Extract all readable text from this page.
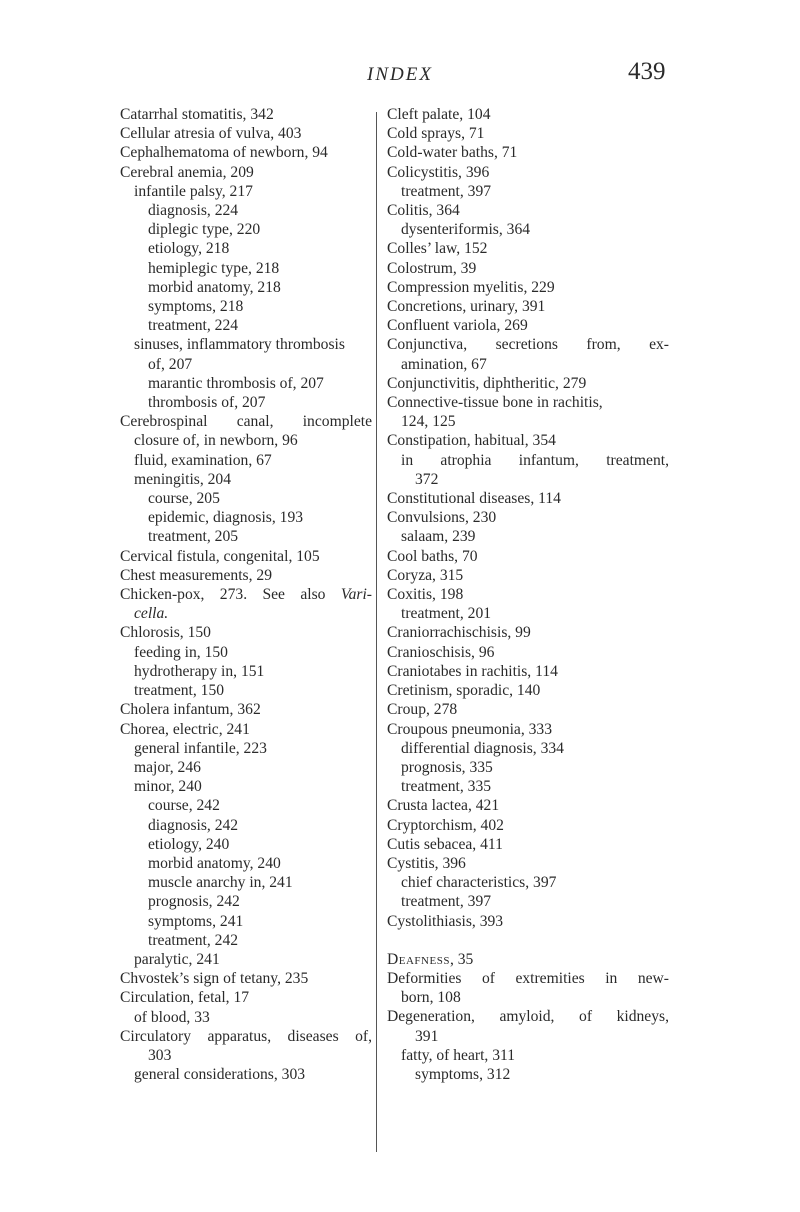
INDEX	439
Catarrhal stomatitis, 342
Cellular atresia of vulva, 403
Cephalhematoma of newborn, 94
Cerebral anemia, 209
infantile palsy, 217
diagnosis, 224
diplegic type, 220
etiology, 218
hemiplegic type, 218
morbid anatomy, 218
symptoms, 218
treatment, 224
sinuses, inflammatory thrombosis
of, 207
marantic thrombosis of, 207
thrombosis of, 207
Cerebrospinal canal, incomplete
closure of, in newborn, 96
fluid, examination, 67
meningitis, 204
course, 205
epidemic, diagnosis, 193
treatment, 205
Cervical fistula, congenital, 105
Chest measurements, 29
Chicken-pox, 273. See also Vari-
cella.
Chlorosis, 150
feeding in, 150
hydrotherapy in, 151
treatment, 150
Cholera infantum, 362
Chorea, electric, 241
general infantile, 223
major, 246
minor, 240
course, 242
diagnosis, 242
etiology, 240
morbid anatomy, 240
muscle anarchy in, 241
prognosis, 242
symptoms, 241
treatment, 242
paralytic, 241
Chvostek’s sign of tetany, 235
Circulation, fetal, 17
of blood, 33
Circulatory apparatus, diseases of,
303
general considerations, 303
Cleft palate, 104
Cold sprays, 71
Cold-water baths, 71
Colicystitis, 396
treatment, 397
Colitis, 364
dysenteriformis, 364
Colles’ law, 152
Colostrum, 39
Compression myelitis, 229
Concretions, urinary, 391
Confluent variola, 269
Conjunctiva, secretions from, ex-
amination, 67
Conjunctivitis, diphtheritic, 279
Connective-tissue bone in rachitis,
124, 125
Constipation, habitual, 354
in atrophia infantum, treatment,
372
Constitutional diseases, 114
Convulsions, 230
salaam, 239
Cool baths, 70
Coryza, 315
Coxitis, 198
treatment, 201
Craniorrachischisis, 99
Cranioschisis, 96
Craniotabes in rachitis, 114
Cretinism, sporadic, 140
Croup, 278
Croupous pneumonia, 333
differential diagnosis, 334
prognosis, 335
treatment, 335
Crusta lactea, 421
Cryptorchism, 402
Cutis sebacea, 411
Cystitis, 396
chief characteristics, 397
treatment, 397
Cystolithiasis, 393
Deafness, 35
Deformities of extremities in new-
born, 108
Degeneration, amyloid, of kidneys,
391
fatty, of heart, 311
symptoms, 312
